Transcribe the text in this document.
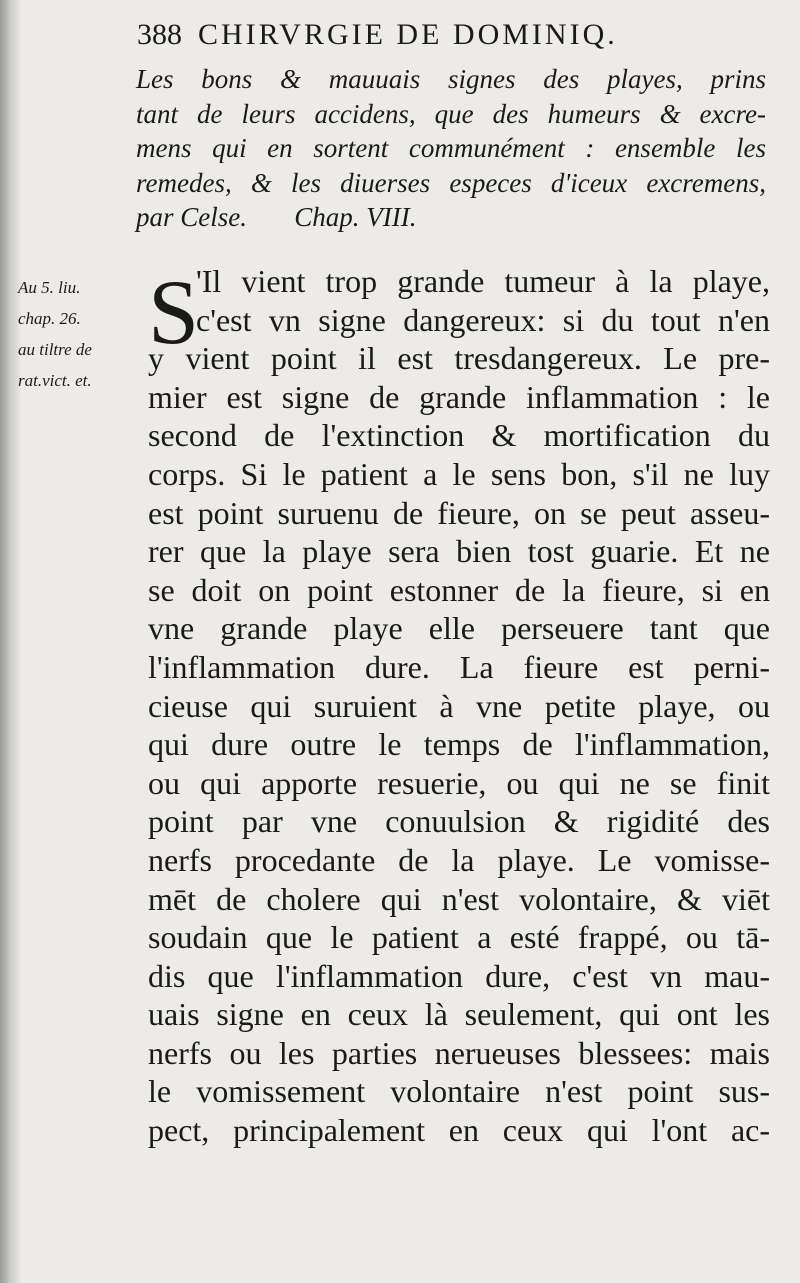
388 CHIRVRGIE DE DOMINIQ.
Les bons & mauuais signes des playes, prins
tant de leurs accidens, que des humeurs & excre-
mens qui en sortent communément : ensemble les
remedes, & les diuerses especes d'iceux excremens,
par Celse. Chap. VIII.
Au 5. liu.
chap. 26.
au tiltre de
rat.vict. et.
S
'Il vient trop grande tumeur à la playe,
c'est vn signe dangereux: si du tout n'en
y vient point il est tresdangereux. Le pre-
mier est signe de grande inflammation : le
second de l'extinction & mortification du
corps. Si le patient a le sens bon, s'il ne luy
est point suruenu de fieure, on se peut asseu-
rer que la playe sera bien tost guarie. Et ne
se doit on point estonner de la fieure, si en
vne grande playe elle perseuere tant que
l'inflammation dure. La fieure est perni-
cieuse qui suruient à vne petite playe, ou
qui dure outre le temps de l'inflammation,
ou qui apporte resuerie, ou qui ne se finit
point par vne conuulsion & rigidité des
nerfs procedante de la playe. Le vomisse-
mēt de cholere qui n'est volontaire, & viēt
soudain que le patient a esté frappé, ou tā-
dis que l'inflammation dure, c'est vn mau-
uais signe en ceux là seulement, qui ont les
nerfs ou les parties nerueuses blessees: mais
le vomissement volontaire n'est point sus-
pect, principalement en ceux qui l'ont ac-
